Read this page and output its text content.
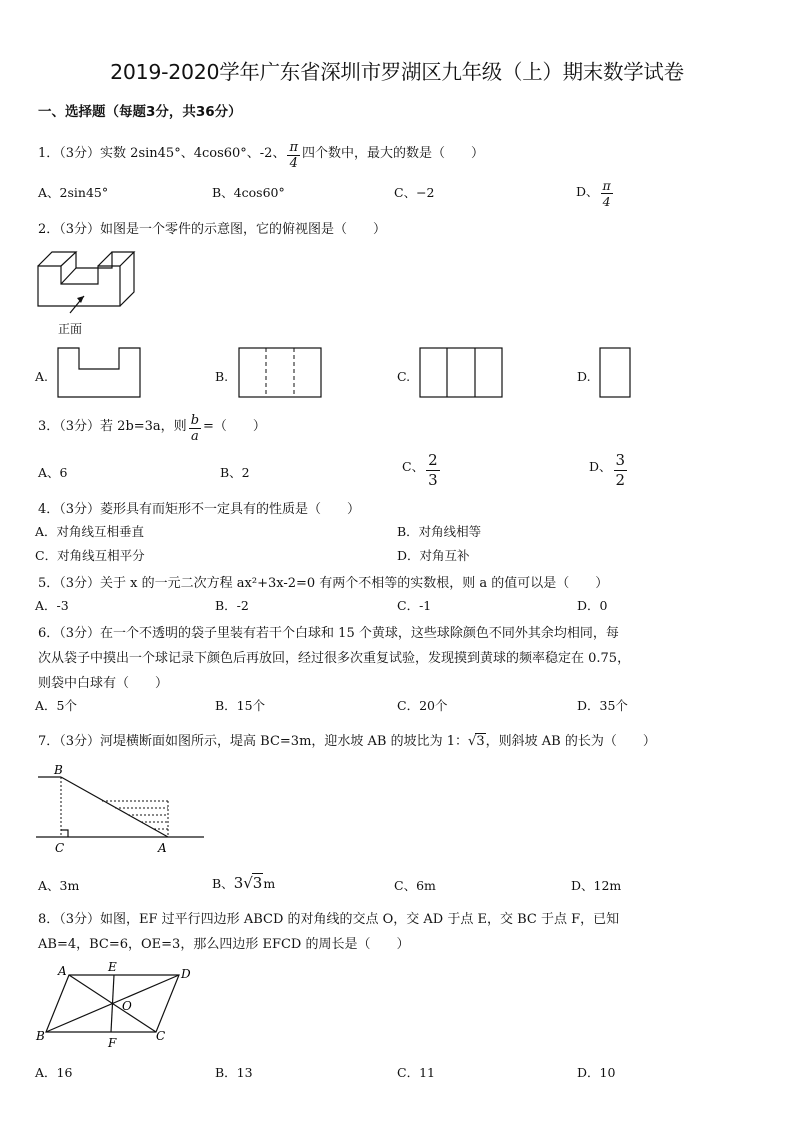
2019-2020学年广东省深圳市罗湖区九年级（上）期末数学试卷
一、选择题（每题3分，共36分）
1．（3分）实数 2sin45°、4cos60°、-2、 $\frac{\pi}{4}$ 四个数中，最大的数是（　　）
A、2sin45°	B、4cos60°	C、−2	D、 $\frac{\pi}{4}$
2．（3分）如图是一个零件的示意图，它的俯视图是（　　）
正面
A.	B.	C.	D.
3．（3分）若 2b=3a，则 $\frac{b}{a}$ =（　　）
A、6	B、2	C、 $\frac{2}{3}$	D、 $\frac{3}{2}$
4．（3分）菱形具有而矩形不一定具有的性质是（　　）
A．对角线互相垂直	B．对角线相等
C．对角线互相平分	D．对角互补
5．（3分）关于 x 的一元二次方程 ax²+3x-2=0 有两个不相等的实数根，则 a 的值可以是（　　）
A．-3	B．-2	C．-1	D．0
6．（3分）在一个不透明的袋子里装有若干个白球和 15 个黄球，这些球除颜色不同外其余均相同，每
次从袋子中摸出一个球记录下颜色后再放回，经过很多次重复试验，发现摸到黄球的频率稳定在 0.75，
则袋中白球有（　　）
A．5个	B．15个	C．20个	D．35个
7．（3分）河堤横断面如图所示，堤高 BC=3m，迎水坡 AB 的坡比为 1：√3，则斜坡 AB 的长为（　　）
B
C	A
A、3m	B、3√3m	C、6m	D、12m
8．（3分）如图，EF 过平行四边形 ABCD 的对角线的交点 O，交 AD 于点 E，交 BC 于点 F，已知
AB=4，BC=6，OE=3，那么四边形 EFCD 的周长是（　　）
A	E	D
O
B	F	C
A．16	B．13	C．11	D．10
